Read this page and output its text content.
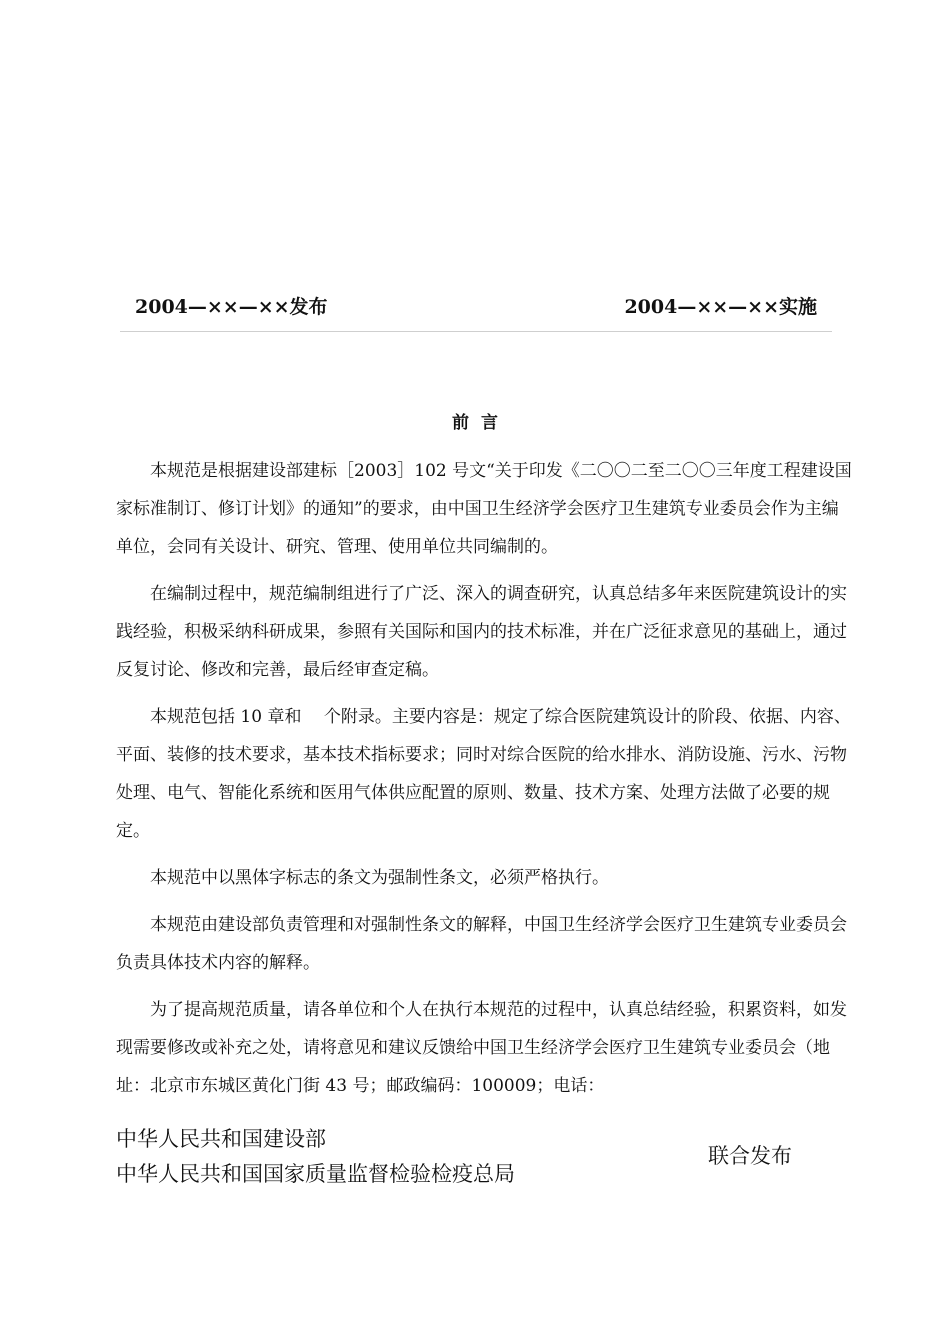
2004—××—××发布	2004—××—××实施
前言

本规范是根据建设部建标［2003］102 号文“关于印发《二〇〇二至二〇〇三年度工程建设国家标准制订、修订计划》的通知”的要求，由中国卫生经济学会医疗卫生建筑专业委员会作为主编单位，会同有关设计、研究、管理、使用单位共同编制的。

在编制过程中，规范编制组进行了广泛、深入的调查研究，认真总结多年来医院建筑设计的实践经验，积极采纳科研成果，参照有关国际和国内的技术标准，并在广泛征求意见的基础上，通过反复讨论、修改和完善，最后经审查定稿。

本规范包括 10 章和　 个附录。主要内容是：规定了综合医院建筑设计的阶段、依据、内容、平面、装修的技术要求，基本技术指标要求；同时对综合医院的给水排水、消防设施、污水、污物处理、电气、智能化系统和医用气体供应配置的原则、数量、技术方案、处理方法做了必要的规定。

本规范中以黑体字标志的条文为强制性条文，必须严格执行。

本规范由建设部负责管理和对强制性条文的解释，中国卫生经济学会医疗卫生建筑专业委员会负责具体技术内容的解释。

为了提高规范质量，请各单位和个人在执行本规范的过程中，认真总结经验，积累资料，如发现需要修改或补充之处，请将意见和建议反馈给中国卫生经济学会医疗卫生建筑专业委员会（地址：北京市东城区黄化门街 43 号；邮政编码：100009；电话：

中华人民共和国建设部
中华人民共和国国家质量监督检验检疫总局
联合发布
